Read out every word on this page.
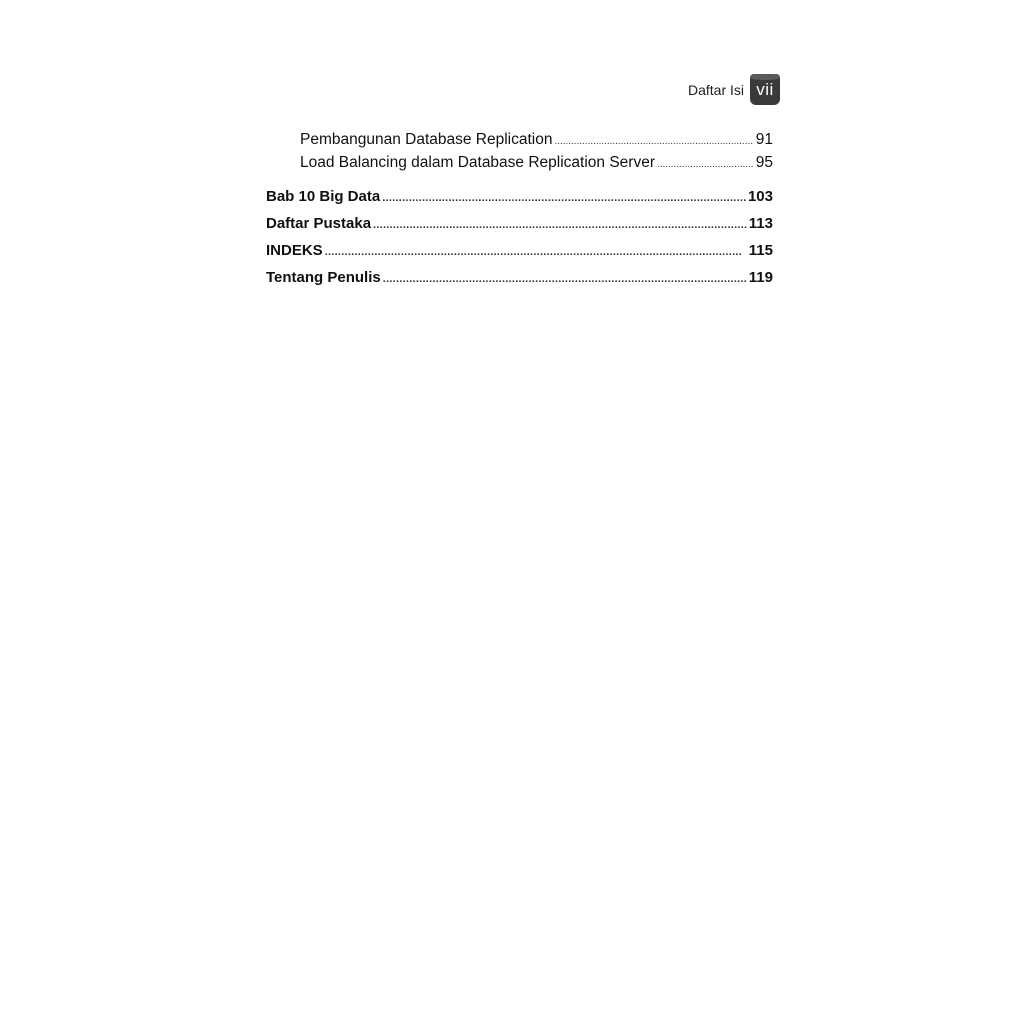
Daftar Isi vii
Pembangunan Database Replication . . .	91
Load Balancing dalam Database Replication Server . . .	95
Bab 10 Big Data . . .	103
Daftar Pustaka . . .	113
INDEKS . . .	115
Tentang Penulis . . .	119
